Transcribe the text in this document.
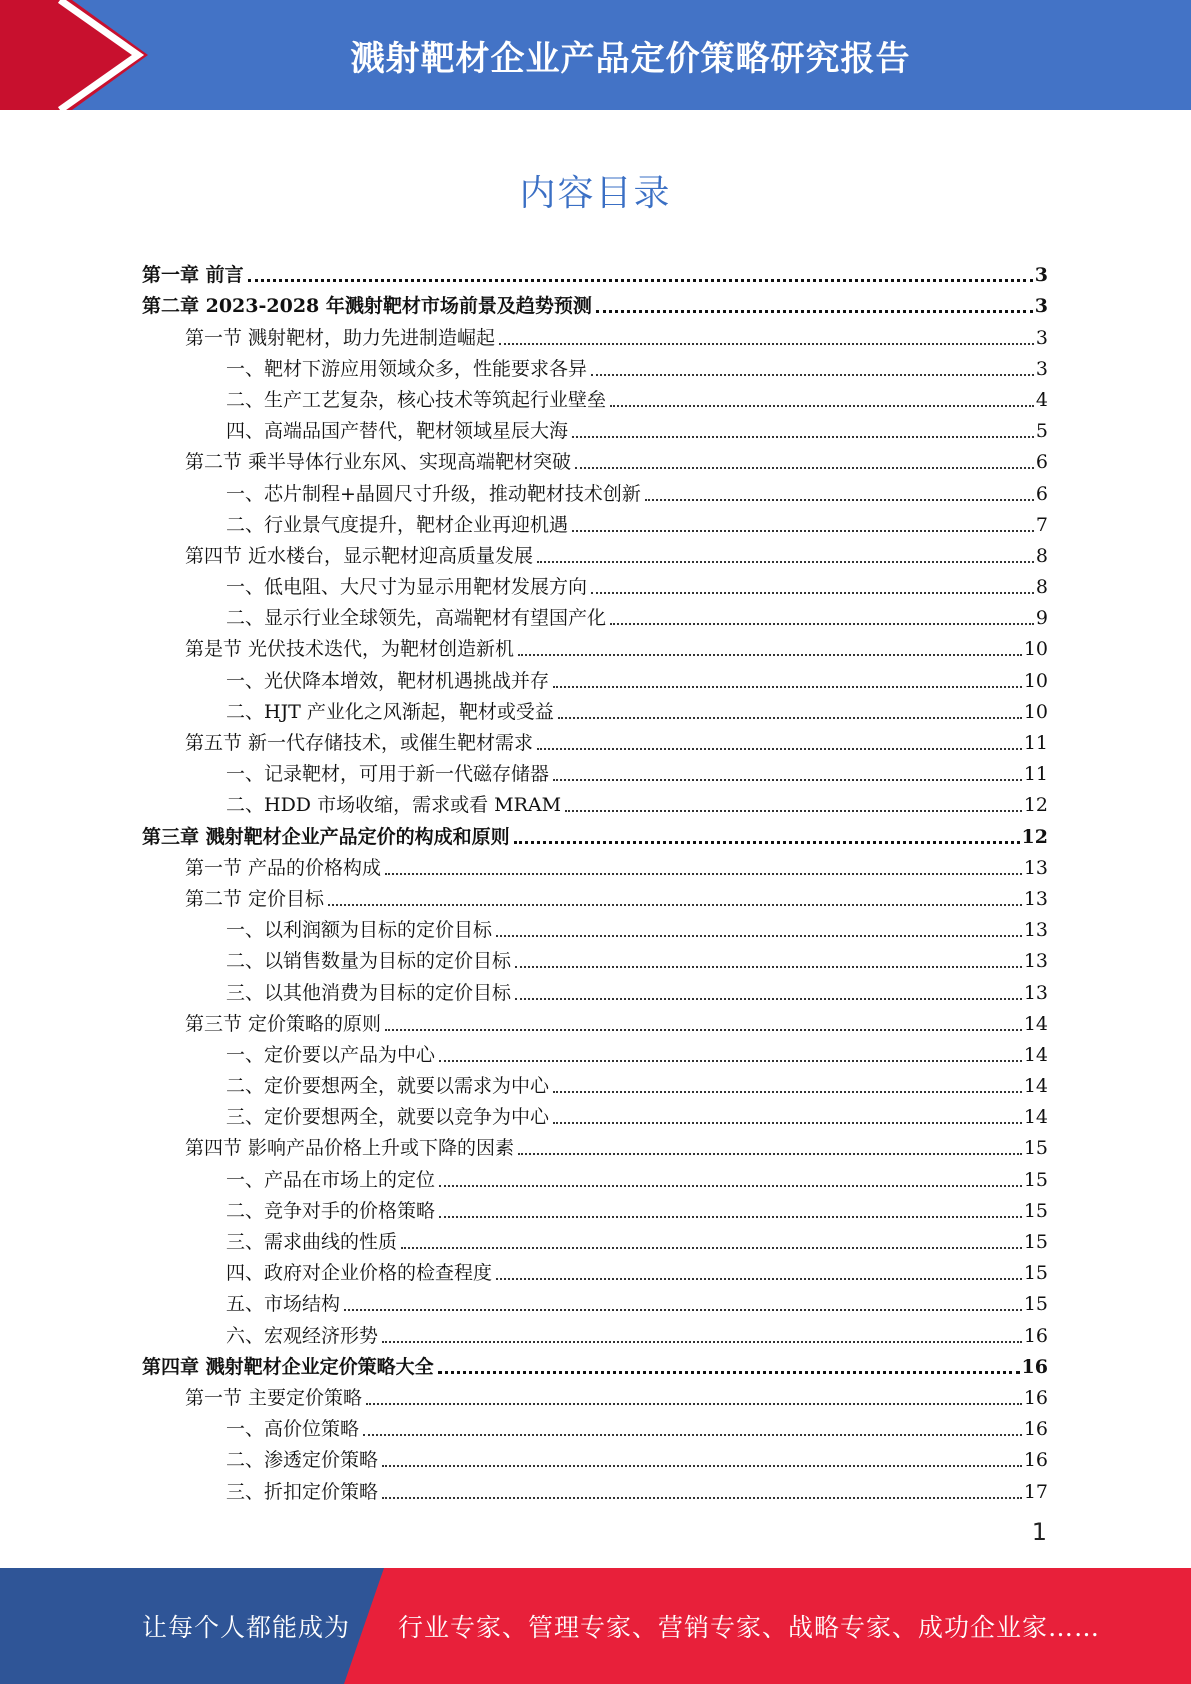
溅射靶材企业产品定价策略研究报告
内容目录
第一章 前言	3
第二章 2023-2028 年溅射靶材市场前景及趋势预测	3
第一节 溅射靶材，助力先进制造崛起	3
一、靶材下游应用领域众多，性能要求各异	3
二、生产工艺复杂，核心技术等筑起行业壁垒	4
四、高端品国产替代，靶材领域星辰大海	5
第二节 乘半导体行业东风、实现高端靶材突破	6
一、芯片制程+晶圆尺寸升级，推动靶材技术创新	6
二、行业景气度提升，靶材企业再迎机遇	7
第四节 近水楼台，显示靶材迎高质量发展	8
一、低电阻、大尺寸为显示用靶材发展方向	8
二、显示行业全球领先，高端靶材有望国产化	9
第是节 光伏技术迭代，为靶材创造新机	10
一、光伏降本增效，靶材机遇挑战并存	10
二、HJT 产业化之风渐起，靶材或受益	10
第五节 新一代存储技术，或催生靶材需求	11
一、记录靶材，可用于新一代磁存储器	11
二、HDD 市场收缩，需求或看 MRAM	12
第三章 溅射靶材企业产品定价的构成和原则	12
第一节 产品的价格构成	13
第二节 定价目标	13
一、以利润额为目标的定价目标	13
二、以销售数量为目标的定价目标	13
三、以其他消费为目标的定价目标	13
第三节 定价策略的原则	14
一、定价要以产品为中心	14
二、定价要想两全，就要以需求为中心	14
三、定价要想两全，就要以竞争为中心	14
第四节 影响产品价格上升或下降的因素	15
一、产品在市场上的定位	15
二、竞争对手的价格策略	15
三、需求曲线的性质	15
四、政府对企业价格的检查程度	15
五、市场结构	15
六、宏观经济形势	16
第四章 溅射靶材企业定价策略大全	16
第一节 主要定价策略	16
一、高价位策略	16
二、渗透定价策略	16
三、折扣定价策略	17
1
让每个人都能成为 行业专家、管理专家、营销专家、战略专家、成功企业家……
